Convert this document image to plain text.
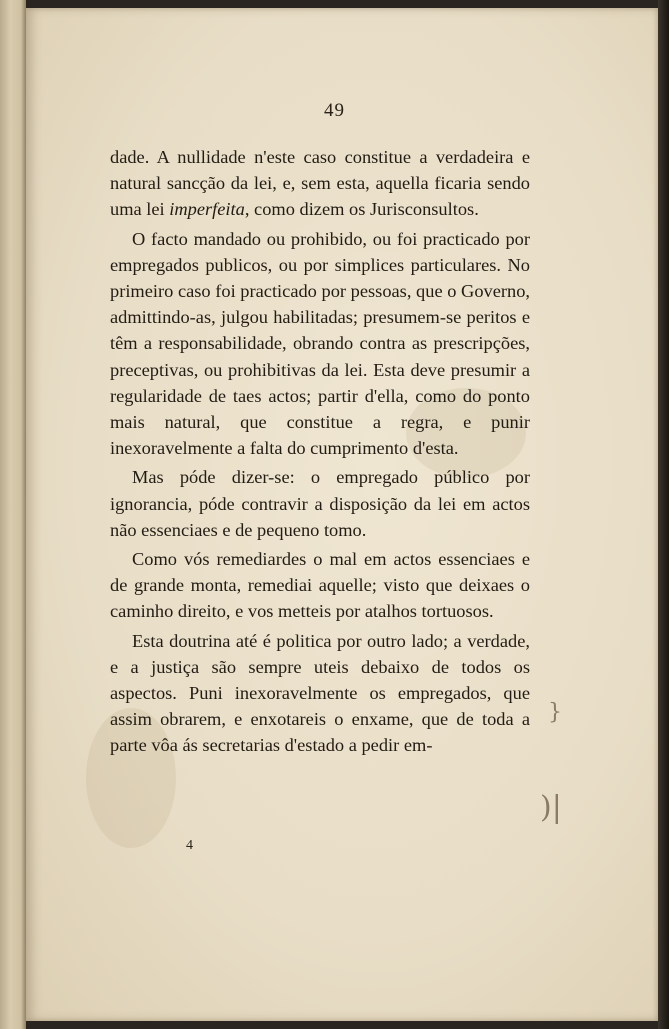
49

dade. A nullidade n'este caso constitue a verdadeira e natural sancção da lei, e, sem esta, aquella ficaria sendo uma lei imperfeita, como dizem os Jurisconsultos.

O facto mandado ou prohibido, ou foi practicado por empregados publicos, ou por simplices particulares. No primeiro caso foi practicado por pessoas, que o Governo, admittindo-as, julgou habilitadas; presumem-se peritos e têm a responsabilidade, obrando contra as prescripções, preceptivas, ou prohibitivas da lei. Esta deve presumir a regularidade de taes actos; partir d'ella, como do ponto mais natural, que constitue a regra, e punir inexoravelmente a falta do cumprimento d'esta.

Mas póde dizer-se: o empregado público por ignorancia, póde contravir a disposição da lei em actos não essenciaes e de pequeno tomo.

Como vós remediardes o mal em actos essenciaes e de grande monta, remediai aquelle; visto que deixaes o caminho direito, e vos metteis por atalhos tortuosos.

Esta doutrina até é politica por outro lado; a verdade, e a justiça são sempre uteis debaixo de todos os aspectos. Puni inexoravelmente os empregados, que assim obrarem, e enxotareis o enxame, que de toda a parte vôa ás secretarias d'estado a pedir em-

4
}
)|
